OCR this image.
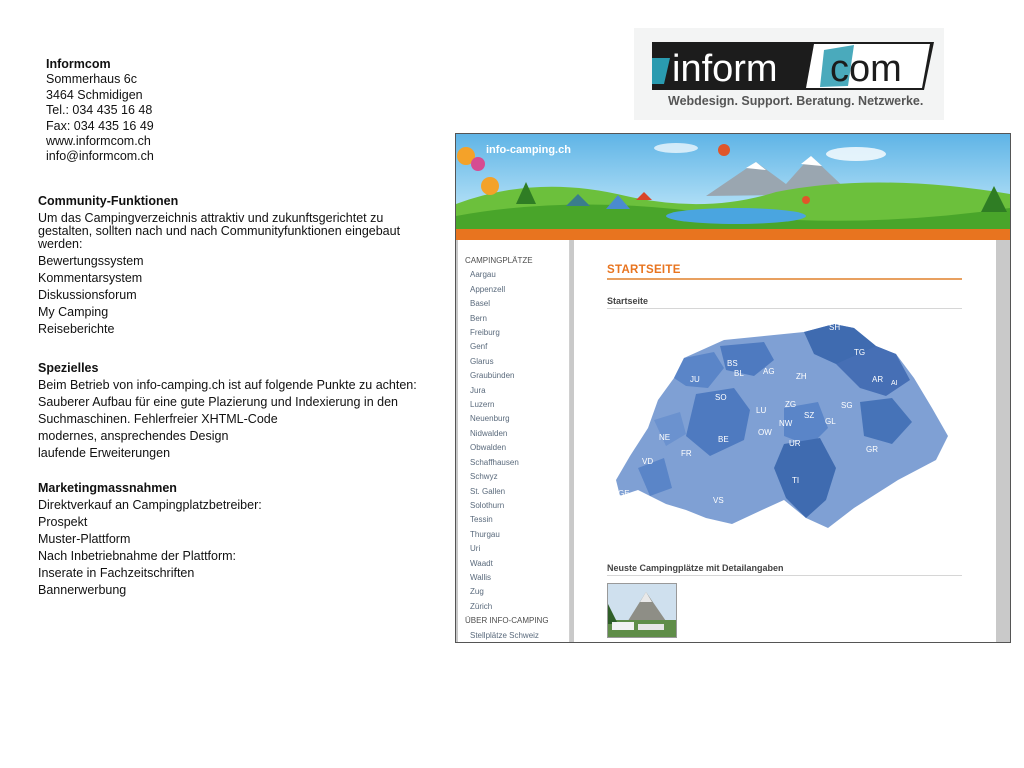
Informcom
Sommerhaus 6c
3464 Schmidigen
Tel.: 034 435 16 48
Fax: 034 435 16 49
www.informcom.ch
info@informcom.ch
Community-Funktionen
Um das Campingverzeichnis attraktiv und zukunftsgerichtet zu gestalten, sollten nach und nach Communityfunktionen eingebaut werden:
Bewertungssystem
Kommentarsystem
Diskussionsforum
My Camping
Reiseberichte
Spezielles
Beim Betrieb von info-camping.ch ist auf folgende Punkte zu achten:
Sauberer Aufbau für eine gute Plazierung und Indexierung in den Suchmaschinen. Fehlerfreier XHTML-Code
modernes, ansprechendes Design
laufende Erweiterungen
Marketingmassnahmen
Direktverkauf an Campingplatzbetreiber:
Prospekt
Muster-Plattform
Nach Inbetriebnahme der Plattform:
Inserate in Fachzeitschriften
Bannerwerbung
inform com
Webdesign. Support. Beratung. Netzwerke.
info-camping.ch
CAMPINGPLÄTZE
Aargau
Appenzell
Basel
Bern
Freiburg
Genf
Glarus
Graubünden
Jura
Luzern
Neuenburg
Nidwalden
Obwalden
Schaffhausen
Schwyz
St. Gallen
Solothurn
Tessin
Thurgau
Uri
Waadt
Wallis
Zug
Zürich
ÜBER INFO-CAMPING
Stellplätze Schweiz
STARTSEITE
Startseite
SH
TG
BS
BL AG
ZH	AR AI
JU
SO
LU
ZG
SZ
SG
NE
GL
NW
OW
UR
BE
FR
VD
GR
TI
GE
VS
Neuste Campingplätze mit Detailangaben
